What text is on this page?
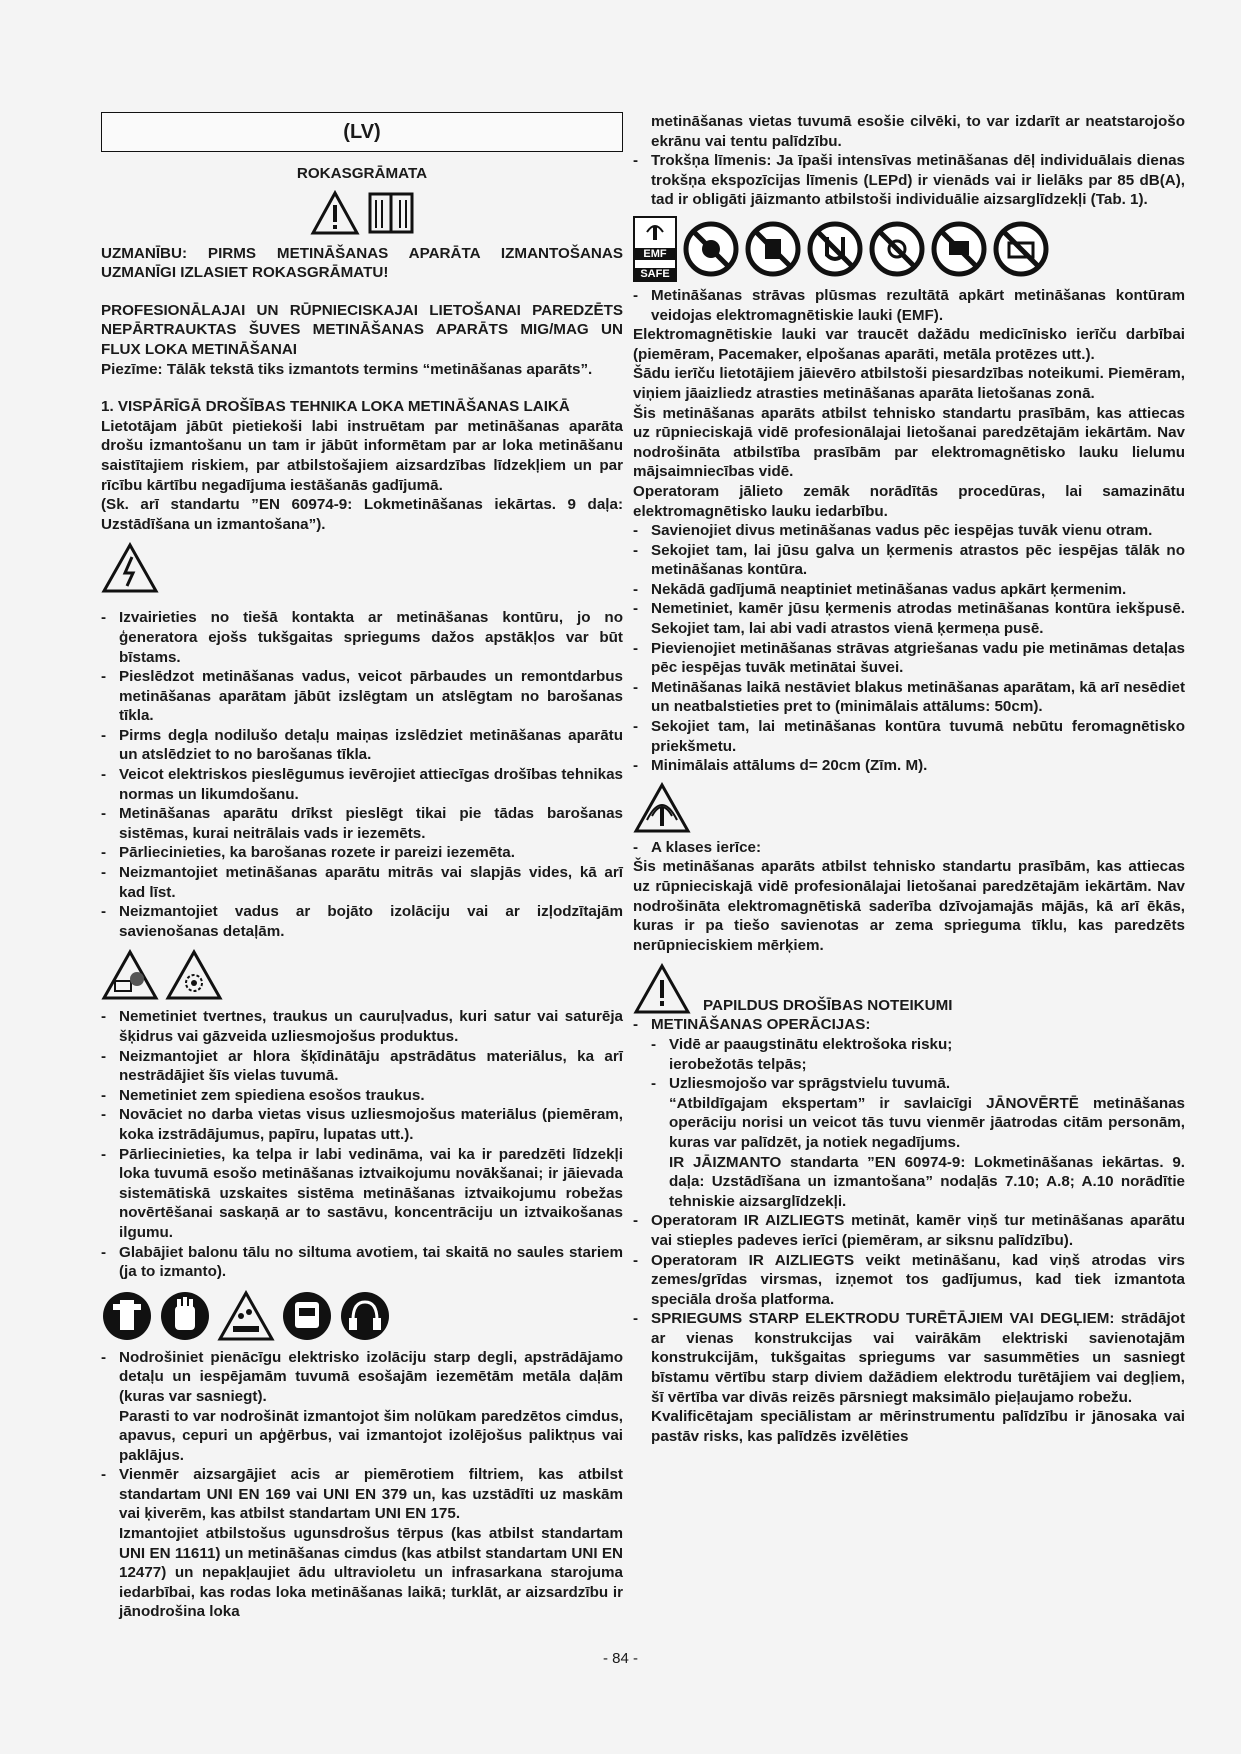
(LV)

ROKASGRĀMATA

UZMANĪBU: PIRMS METINĀŠANAS APARĀTA IZMANTOŠANAS UZMANĪGI IZLASIET ROKASGRĀMATU!

PROFESIONĀLAJAI UN RŪPNIECISKAJAI LIETOŠANAI PAREDZĒTS NEPĀRTRAUKTAS ŠUVES METINĀŠANAS APARĀTS MIG/MAG UN FLUX LOKA METINĀŠANAI

Piezīme: Tālāk tekstā tiks izmantots termins “metināšanas aparāts”.

1. VISPĀRĪGĀ DROŠĪBAS TEHNIKA LOKA METINĀŠANAS LAIKĀ

Lietotājam jābūt pietiekoši labi instruētam par metināšanas aparāta drošu izmantošanu un tam ir jābūt informētam par ar loka metināšanu saistītajiem riskiem, par atbilstošajiem aizsardzības līdzekļiem un par rīcību kārtību negadījuma iestāšanās gadījumā.

(Sk. arī standartu ”EN 60974-9: Lokmetināšanas iekārtas. 9 daļa: Uzstādīšana un izmantošana”).

- Izvairieties no tiešā kontakta ar metināšanas kontūru, jo no ģeneratora ejošs tukšgaitas spriegums dažos apstākļos var būt bīstams.
- Pieslēdzot metināšanas vadus, veicot pārbaudes un remontdarbus metināšanas aparātam jābūt izslēgtam un atslēgtam no barošanas tīkla.
- Pirms degļa nodilušo detaļu maiņas izslēdziet metināšanas aparātu un atslēdziet to no barošanas tīkla.
- Veicot elektriskos pieslēgumus ievērojiet attiecīgas drošības tehnikas normas un likumdošanu.
- Metināšanas aparātu drīkst pieslēgt tikai pie tādas barošanas sistēmas, kurai neitrālais vads ir iezemēts.
- Pārliecinieties, ka barošanas rozete ir pareizi iezemēta.
- Neizmantojiet metināšanas aparātu mitrās vai slapjās vides, kā arī kad līst.
- Neizmantojiet vadus ar bojāto izolāciju vai ar izļodzītajām savienošanas detaļām.
- Nemetiniet tvertnes, traukus un cauruļvadus, kuri satur vai saturēja šķidrus vai gāzveida uzliesmojošus produktus.
- Neizmantojiet ar hlora šķīdinātāju apstrādātus materiālus, ka arī nestrādājiet šīs vielas tuvumā.
- Nemetiniet zem spiediena esošos traukus.
- Novāciet no darba vietas visus uzliesmojošus materiālus (piemēram, koka izstrādājumus, papīru, lupatas utt.).
- Pārliecinieties, ka telpa ir labi vedināma, vai ka ir paredzēti līdzekļi loka tuvumā esošo metināšanas iztvaikojumu novākšanai; ir jāievada sistemātiskā uzskaites sistēma metināšanas iztvaikojumu robežas novērtēšanai saskaņā ar to sastāvu, koncentrāciju un iztvaikošanas ilgumu.
- Glabājiet balonu tālu no siltuma avotiem, tai skaitā no saules stariem (ja to izmanto).
- Nodrošiniet pienācīgu elektrisko izolāciju starp degli, apstrādājamo detaļu un iespējamām tuvumā esošajām iezemētām metāla daļām (kuras var sasniegt).
Parasti to var nodrošināt izmantojot šim nolūkam paredzētos cimdus, apavus, cepuri un apģērbus, vai izmantojot izolējošus paliktņus vai paklājus.
- Vienmēr aizsargājiet acis ar piemērotiem filtriem, kas atbilst standartam UNI EN 169 vai UNI EN 379 un, kas uzstādīti uz maskām vai ķiverēm, kas atbilst standartam UNI EN 175.
Izmantojiet atbilstošus ugunsdrošus tērpus (kas atbilst standartam UNI EN 11611) un metināšanas cimdus (kas atbilst standartam UNI EN 12477) un nepakļaujiet ādu ultravioletu un infrasarkana starojuma iedarbībai, kas rodas loka metināšanas laikā; turklāt, ar aizsardzību ir jānodrošina loka
metināšanas vietas tuvumā esošie cilvēki, to var izdarīt ar neatstarojošo ekrānu vai tentu palīdzību.
- Trokšņa līmenis: Ja īpaši intensīvas metināšanas dēļ individuālais dienas trokšņa ekspozīcijas līmenis (LEPd) ir vienāds vai ir lielāks par 85 dB(A), tad ir obligāti jāizmanto atbilstoši individuālie aizsarglīdzekļi (Tab. 1).
EMF
SAFE
- Metināšanas strāvas plūsmas rezultātā apkārt metināšanas kontūram veidojas elektromagnētiskie lauki (EMF).

Elektromagnētiskie lauki var traucēt dažādu medicīnisko ierīču darbībai (piemēram, Pacemaker, elpošanas aparāti, metāla protēzes utt.).

Šādu ierīču lietotājiem jāievēro atbilstoši piesardzības noteikumi. Piemēram, viņiem jāaizliedz atrasties metināšanas aparāta lietošanas zonā.

Šis metināšanas aparāts atbilst tehnisko standartu prasībām, kas attiecas uz rūpnieciskajā vidē profesionālajai lietošanai paredzētajām iekārtām. Nav nodrošināta atbilstība prasībām par elektromagnētisko lauku lielumu mājsaimniecības vidē.

Operatoram jālieto zemāk norādītās procedūras, lai samazinātu elektromagnētisko lauku iedarbību.

- Savienojiet divus metināšanas vadus pēc iespējas tuvāk vienu otram.
- Sekojiet tam, lai jūsu galva un ķermenis atrastos pēc iespējas tālāk no metināšanas kontūra.
- Nekādā gadījumā neaptiniet metināšanas vadus apkārt ķermenim.
- Nemetiniet, kamēr jūsu ķermenis atrodas metināšanas kontūra iekšpusē. Sekojiet tam, lai abi vadi atrastos vienā ķermeņa pusē.
- Pievienojiet metināšanas strāvas atgriešanas vadu pie metināmas detaļas pēc iespējas tuvāk metinātai šuvei.
- Metināšanas laikā nestāviet blakus metināšanas aparātam, kā arī nesēdiet un neatbalstieties pret to (minimālais attālums: 50cm).
- Sekojiet tam, lai metināšanas kontūra tuvumā nebūtu feromagnētisko priekšmetu.
- Minimālais attālums d= 20cm (Zīm. M).
- A klases ierīce:

Šis metināšanas aparāts atbilst tehnisko standartu prasībām, kas attiecas uz rūpnieciskajā vidē profesionālajai lietošanai paredzētajām iekārtām. Nav nodrošināta elektromagnētiskā saderība dzīvojamajās mājās, kā arī ēkās, kuras ir pa tiešo savienotas ar zema sprieguma tīklu, kas paredzēts nerūpnieciskiem mērķiem.

PAPILDUS DROŠĪBAS NOTEIKUMI
- METINĀŠANAS OPERĀCIJAS:
- Vidē ar paaugstinātu elektrošoka risku;
ierobežotās telpās;
- Uzliesmojošo var sprāgstvielu tuvumā.
“Atbildīgajam ekspertam” ir savlaicīgi JĀNOVĒRTĒ metināšanas operāciju norisi un veicot tās tuvu vienmēr jāatrodas citām personām, kuras var palīdzēt, ja notiek negadījums.
IR JĀIZMANTO standarta ”EN 60974-9: Lokmetināšanas iekārtas. 9. daļa: Uzstādīšana un izmantošana” nodaļās 7.10; A.8; A.10 norādītie tehniskie aizsarglīdzekļi.
- Operatoram IR AIZLIEGTS metināt, kamēr viņš tur metināšanas aparātu vai stieples padeves ierīci (piemēram, ar siksnu palīdzību).
- Operatoram IR AIZLIEGTS veikt metināšanu, kad viņš atrodas virs zemes/grīdas virsmas, izņemot tos gadījumus, kad tiek izmantota speciāla droša platforma.
- SPRIEGUMS STARP ELEKTRODU TURĒTĀJIEM VAI DEGĻIEM: strādājot ar vienas konstrukcijas vai vairākām elektriski savienotajām konstrukcijām, tukšgaitas spriegums var sasummēties un sasniegt bīstamu vērtību starp diviem dažādiem elektrodu turētājiem vai degļiem, šī vērtība var divās reizēs pārsniegt maksimālo pieļaujamo robežu.
Kvalificētajam speciālistam ar mērinstrumentu palīdzību ir jānosaka vai pastāv risks, kas palīdzēs izvēlēties
- 84 -
